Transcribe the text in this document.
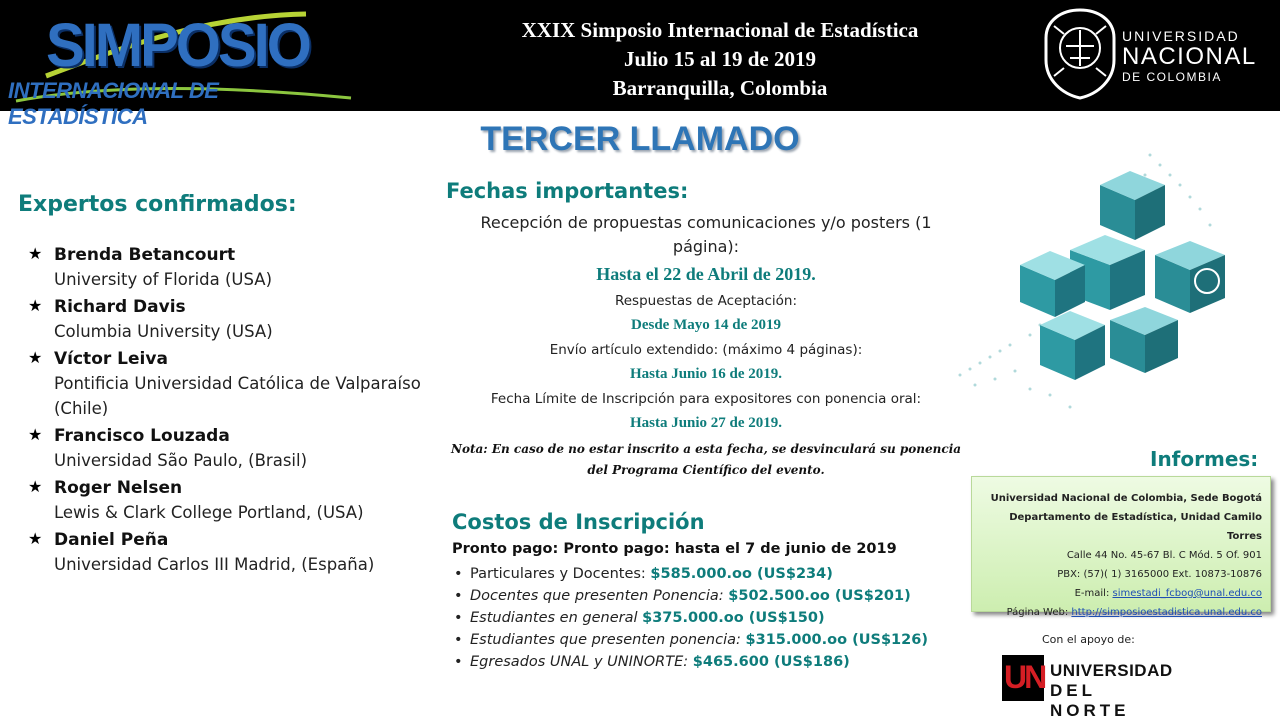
SIMPOSIO
INTERNACIONAL DE ESTADÍSTICA
XXIX Simposio Internacional de Estadística
Julio 15 al 19 de 2019
Barranquilla, Colombia
UNIVERSIDAD
NACIONAL
DE COLOMBIA
TERCER LLAMADO
Expertos confirmados:
★ Brenda Betancourt
University of Florida (USA)
★ Richard Davis
Columbia University (USA)
★ Víctor Leiva
Pontificia Universidad Católica de Valparaíso (Chile)
★ Francisco Louzada
Universidad São Paulo, (Brasil)
★ Roger Nelsen
Lewis & Clark College Portland, (USA)
★ Daniel Peña
Universidad Carlos III Madrid, (España)
Fechas importantes:
Recepción de propuestas comunicaciones y/o posters (1 página):
Hasta el 22 de Abril de 2019.
Respuestas de Aceptación:
Desde Mayo 14 de 2019
Envío artículo extendido: (máximo 4 páginas):
Hasta Junio 16 de 2019.
Fecha Límite de Inscripción para expositores con ponencia oral:
Hasta Junio 27 de 2019.
Nota: En caso de no estar inscrito a esta fecha, se desvinculará su ponencia del Programa Científico del evento.
Costos de Inscripción
Pronto pago: Pronto pago: hasta el 7 de junio de 2019
• Particulares y Docentes: $585.000.oo (US$234)
• Docentes que presenten Ponencia: $502.500.oo (US$201)
• Estudiantes en general $375.000.oo (US$150)
• Estudiantes que presenten ponencia: $315.000.oo (US$126)
• Egresados UNAL y UNINORTE: $465.600 (US$186)
Informes:
Universidad Nacional de Colombia, Sede Bogotá
Departamento de Estadística, Unidad Camilo Torres
Calle 44 No. 45-67 Bl. C Mód. 5 Of. 901
PBX: (57)( 1) 3165000 Ext. 10873-10876
E-mail: simestadi_fcbog@unal.edu.co
Página Web: http://simposioestadistica.unal.edu.co
Con el apoyo de:
UN UNIVERSIDAD
DEL NORTE
